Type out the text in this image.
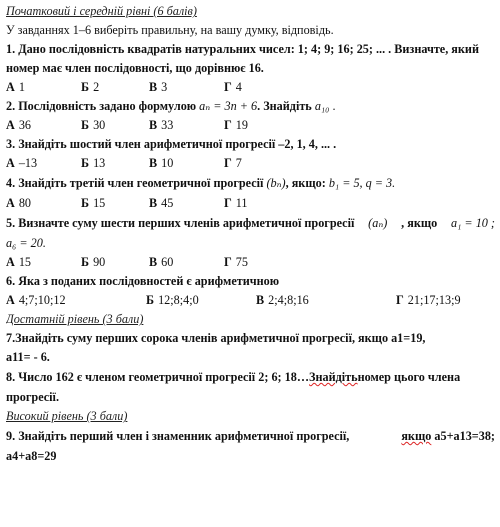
Початковий і середній рівні (6 балів)
У завданнях 1–6 виберіть правильну, на вашу думку, відповідь.
1. Дано послідовність квадратів натуральних чисел: 1; 4; 9; 16; 25; ... . Визначте, який
номер має член послідовності, що дорівнює 16.
А 1	Б 2	В 3	Г 4
2. Послідовність задано формулою
aₙ = 3n + 6 . Знайдіть
a₁₀ .
А 36	Б 30	В 33	Г 19
3. Знайдіть шостий член арифметичної прогресії –2, 1, 4, ... .
А –13	Б 13	В 10	Г 7
4. Знайдіть третій член геометричної прогресії
(bₙ) , якщо:
b₁ = 5, q = 3.
А 80	Б 15	В 45	Г 11
5. Визначте суму шести перших членів арифметичної прогресії (aₙ) , якщо a₁ = 10 ;
a₆ = 20.
А 15	Б 90	В 60	Г 75
6. Яка з поданих послідовностей є арифметичною
А 4;7;10;12	Б 12;8;4;0	В 2;4;8;16	Г 21;17;13;9
Достатній рівень (3 бали)
7.Знайдіть суму перших сорока членів арифметичної прогресії, якщо a1=19,
a11= - 6.
8. Число 162 є членом геометричної прогресії 2; 6; 18… Знайдіть номер цього члена
прогресії.
Високий рівень (3 бали)
9. Знайдіть перший член і знаменник арифметичної прогресії,	якщо a5+a13=38;
a4+a8=29
